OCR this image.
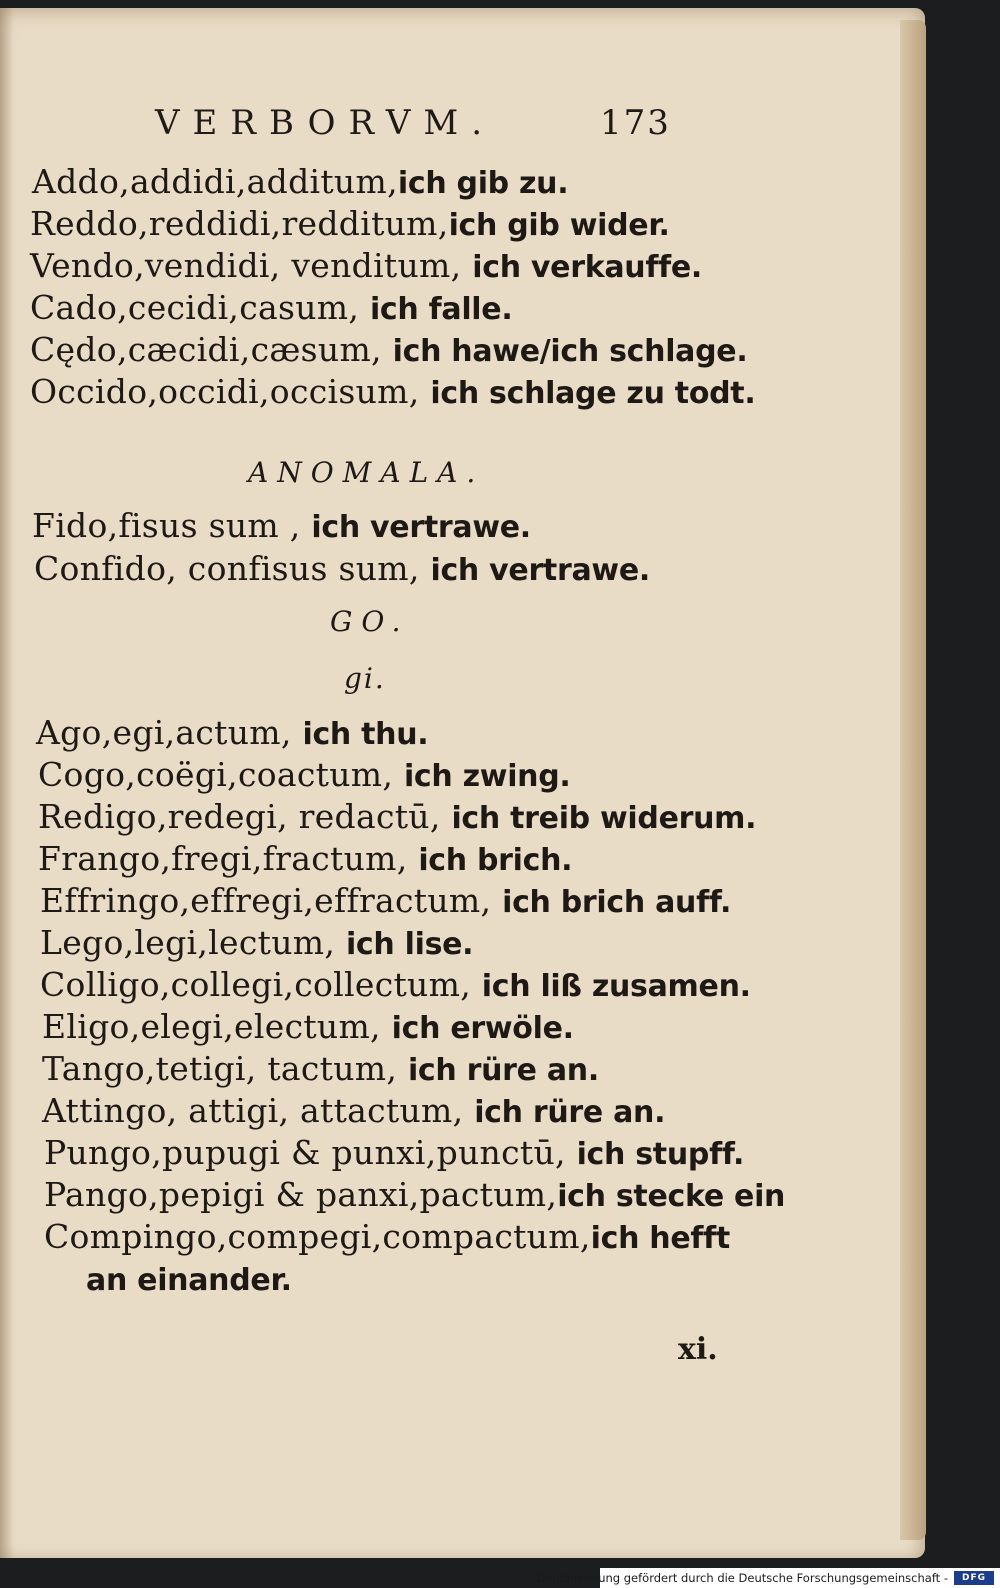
VERBORVM.	173
Addo,addidi,additum,ich gib zu.
Reddo,reddidi,redditum,ich gib wider.
Vendo,vendidi, venditum, ich verkauffe.
Cado,cecidi,casum, ich falle.
Cędo,cæcidi,cæsum, ich hawe/ich schlage.
Occido,occidi,occisum, ich schlage zu todt.
ANOMALA.
Fido,fisus sum , ich vertrawe.
Confido, confisus sum, ich vertrawe.
GO.
gi.
Ago,egi,actum, ich thu.
Cogo,coëgi,coactum, ich zwing.
Redigo,redegi, redactū, ich treib widerum.
Frango,fregi,fractum, ich brich.
Effringo,effregi,effractum, ich brich auff.
Lego,legi,lectum, ich lise.
Colligo,collegi,collectum, ich liß zusamen.
Eligo,elegi,electum, ich erwöle.
Tango,tetigi, tactum, ich rüre an.
Attingo, attigi, attactum, ich rüre an.
Pungo,pupugi & punxi,punctū, ich stupff.
Pango,pepigi & panxi,pactum,ich stecke ein
Compingo,compegi,compactum,ich hefft
an einander.
xi.
Digitalisierung gefördert durch die Deutsche Forschungsgemeinschaft -	DFG
